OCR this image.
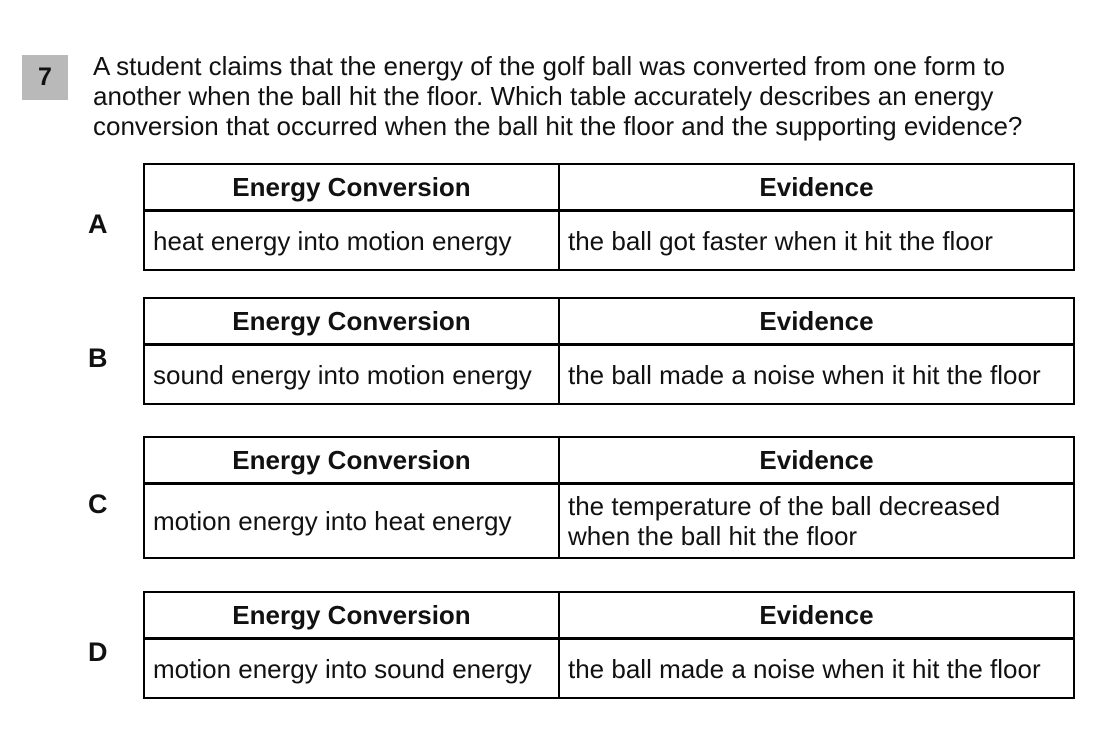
7 A student claims that the energy of the golf ball was converted from one form to another when the ball hit the floor. Which table accurately describes an energy conversion that occurred when the ball hit the floor and the supporting evidence?
A
Energy Conversion	Evidence
heat energy into motion energy	the ball got faster when it hit the floor
B
Energy Conversion	Evidence
sound energy into motion energy	the ball made a noise when it hit the floor
C
Energy Conversion	Evidence
motion energy into heat energy	the temperature of the ball decreased when the ball hit the floor
D
Energy Conversion	Evidence
motion energy into sound energy	the ball made a noise when it hit the floor
